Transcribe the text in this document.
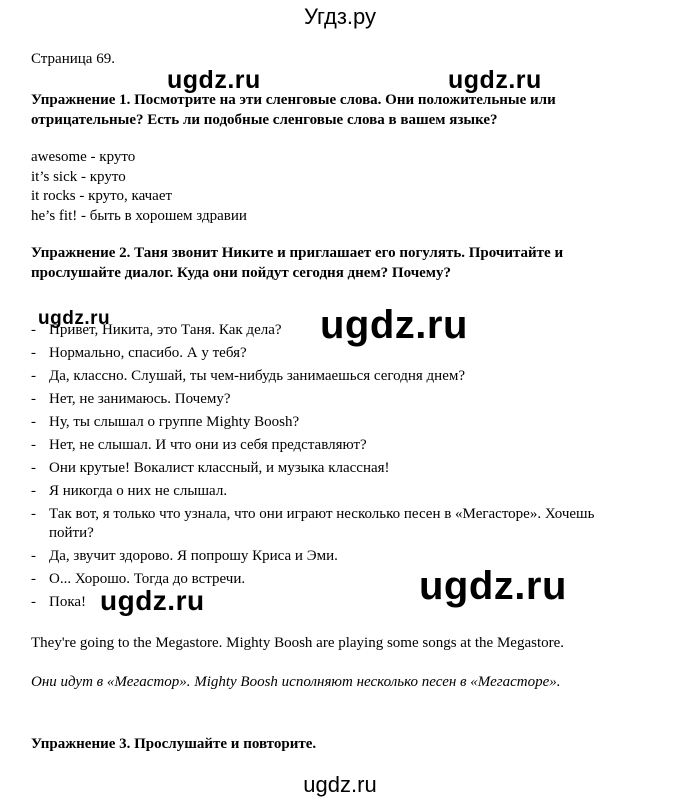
Угдз.ру
ugdz.ru	ugdz.ru
ugdz.ru	ugdz.ru
ugdz.ru
ugdz.ru
Страница 69.
Упражнение 1. Посмотрите на эти сленговые слова. Они положительные или отрицательные? Есть ли подобные сленговые слова в вашем языке?
awesome - круто
it’s sick - круто
it rocks - круто, качает
he’s fit! - быть в хорошем здравии
Упражнение 2. Таня звонит Никите и приглашает его погулять. Прочитайте и прослушайте диалог. Куда они пойдут сегодня днем? Почему?
- Привет, Никита, это Таня. Как дела?
- Нормально, спасибо. А у тебя?
- Да, классно. Слушай, ты чем-нибудь занимаешься сегодня днем?
- Нет, не занимаюсь. Почему?
- Ну, ты слышал о группе Mighty Boosh?
- Нет, не слышал. И что они из себя представляют?
- Они крутые! Вокалист классный, и музыка классная!
- Я никогда о них не слышал.
- Так вот, я только что узнала, что они играют несколько песен в «Мегасторе». Хочешь пойти?
- Да, звучит здорово. Я попрошу Криса и Эми.
- О... Хорошо. Тогда до встречи.
- Пока!
They're going to the Megastore. Mighty Boosh are playing some songs at the Megastore.
Они идут в «Мегастор». Mighty Boosh исполняют несколько песен в «Мегасторе».
Упражнение 3. Прослушайте и повторите.
ugdz.ru
